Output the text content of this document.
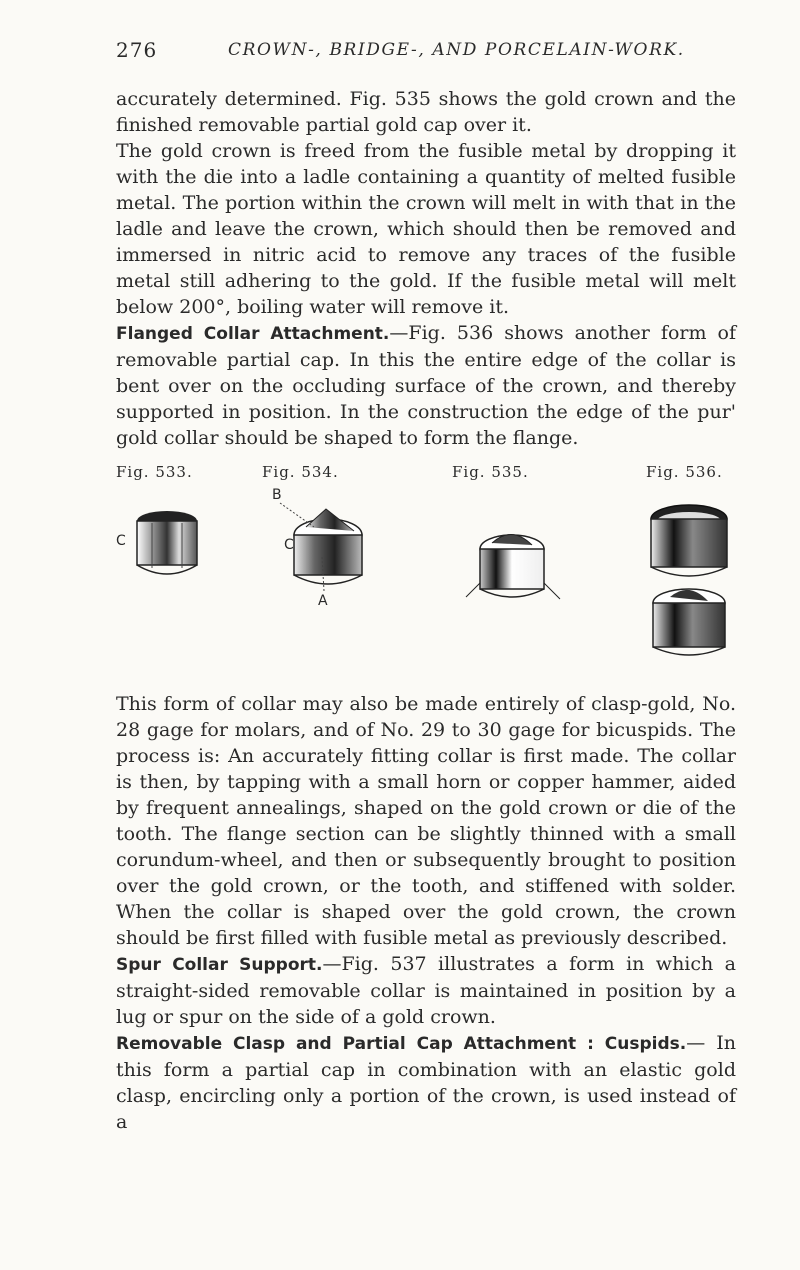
276	CROWN-, BRIDGE-, AND PORCELAIN-WORK.

accurately determined. Fig. 535 shows the gold crown and the finished removable partial gold cap over it.

The gold crown is freed from the fusible metal by dropping it with the die into a ladle containing a quantity of melted fusible metal. The portion within the crown will melt in with that in the ladle and leave the crown, which should then be removed and immersed in nitric acid to remove any traces of the fusible metal still adhering to the gold. If the fusible metal will melt below 200°, boiling water will remove it.

Flanged Collar Attachment.—Fig. 536 shows another form of removable partial cap. In this the entire edge of the collar is bent over on the occluding surface of the crown, and thereby supported in position. In the construction the edge of the pur' gold collar should be shaped to form the flange.

Fig. 533.
C
Fig. 534.
B
C
A
Fig. 535.	Fig. 536.

This form of collar may also be made entirely of clasp-gold, No. 28 gage for molars, and of No. 29 to 30 gage for bicuspids. The process is: An accurately fitting collar is first made. The collar is then, by tapping with a small horn or copper hammer, aided by frequent annealings, shaped on the gold crown or die of the tooth. The flange section can be slightly thinned with a small corundum-wheel, and then or subsequently brought to position over the gold crown, or the tooth, and stiffened with solder. When the collar is shaped over the gold crown, the crown should be first filled with fusible metal as previously described.

Spur Collar Support.—Fig. 537 illustrates a form in which a straight-sided removable collar is maintained in position by a lug or spur on the side of a gold crown.

Removable Clasp and Partial Cap Attachment : Cuspids.— In this form a partial cap in combination with an elastic gold clasp, encircling only a portion of the crown, is used instead of a
